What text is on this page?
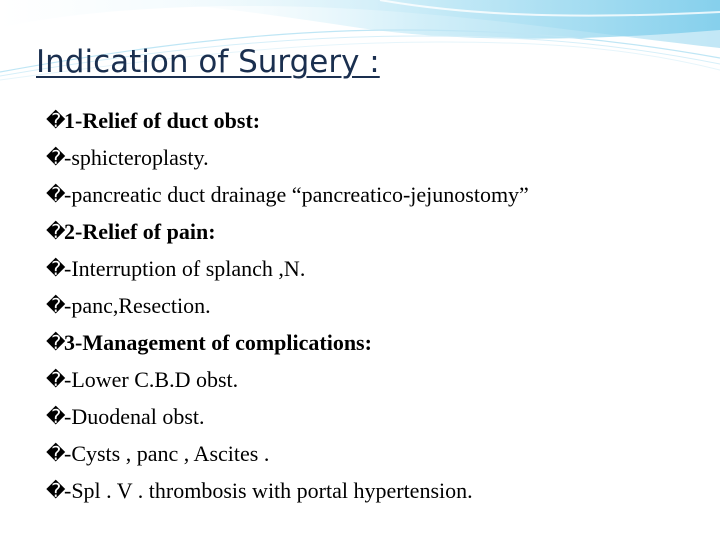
Indication of Surgery :
�
1-Relief of duct obst:
�
-sphicteroplasty.
�
-pancreatic duct drainage “pancreatico-jejunostomy”
�
2-Relief of pain:
�
-Interruption of splanch ,N.
�
-panc,Resection.
�
3-Management of complications:
�
-Lower C.B.D obst.
�
-Duodenal obst.
�
-Cysts , panc , Ascites .
�
-Spl . V . thrombosis with portal hypertension.
